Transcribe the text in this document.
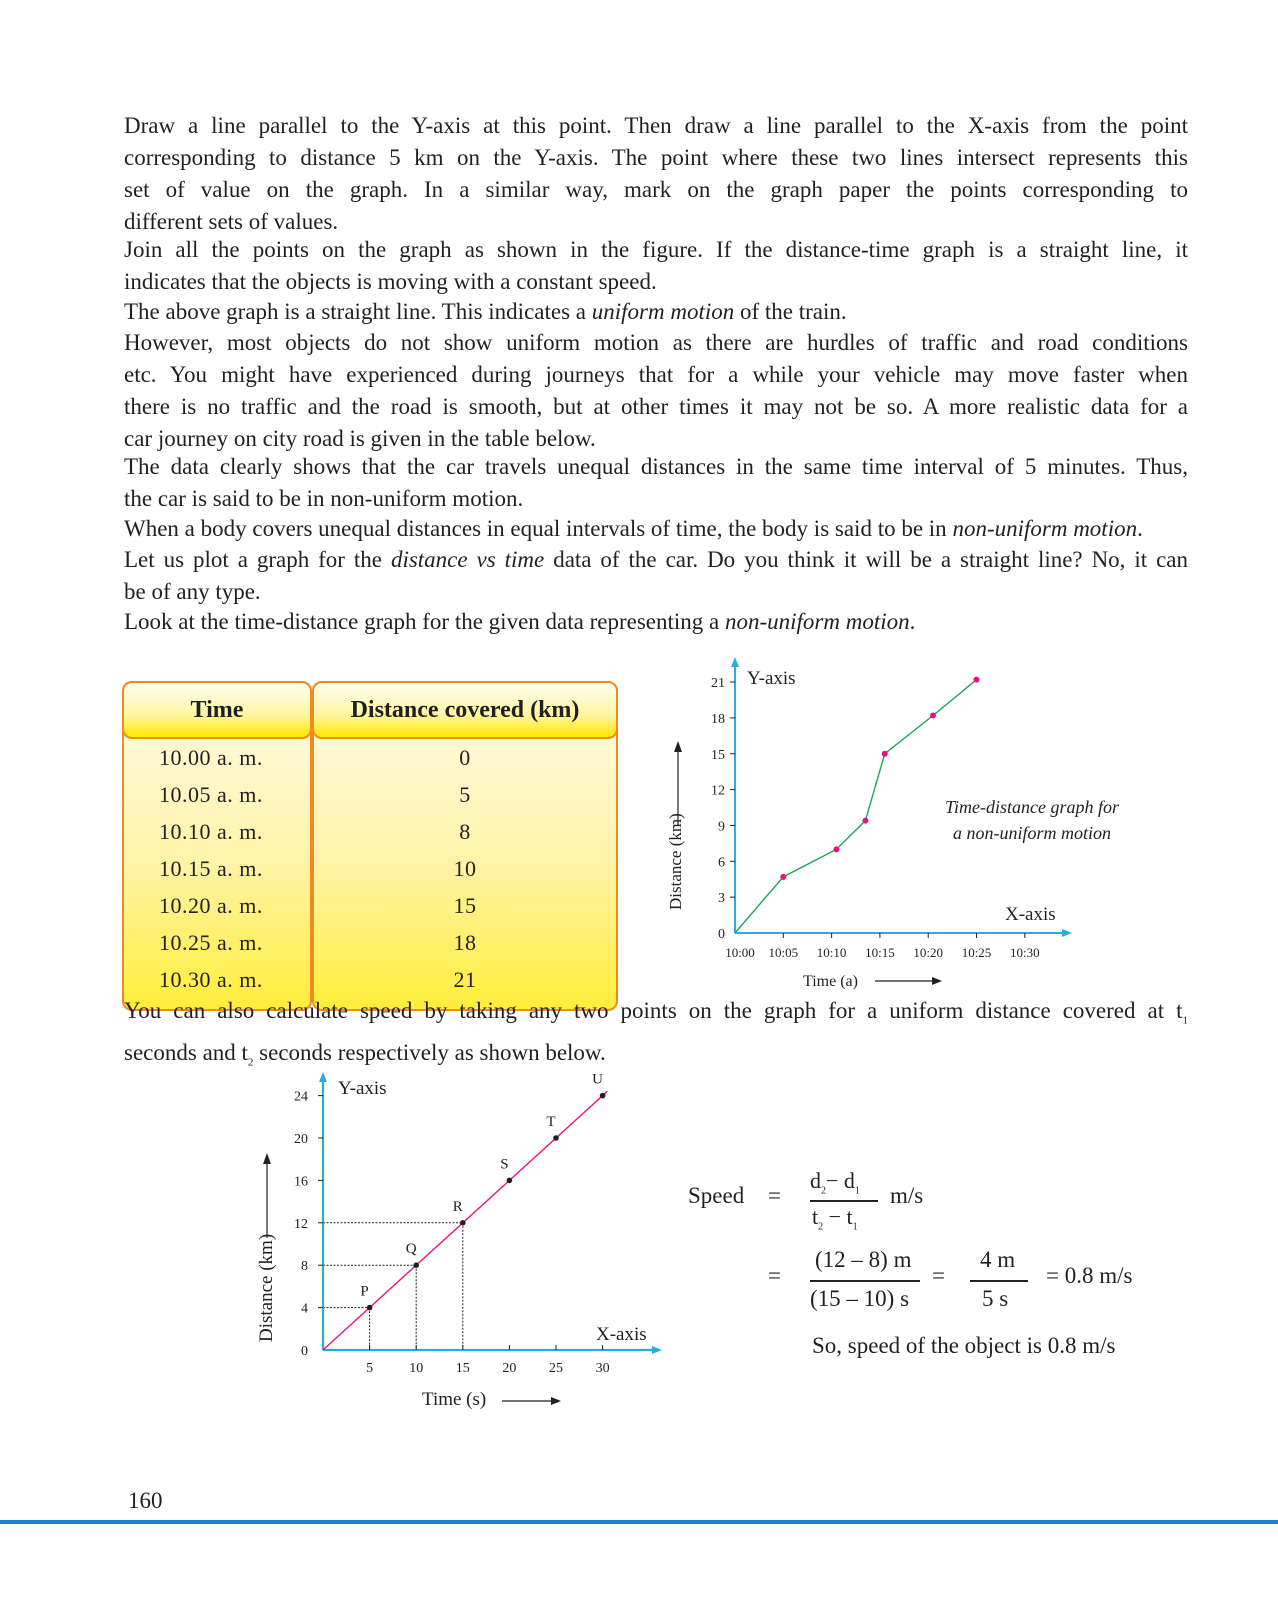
Draw a line parallel to the Y-axis at this point. Then draw a line parallel to the X-axis from the point
corresponding to distance 5 km on the Y-axis. The point where these two lines intersect represents this
set of value on the graph. In a similar way, mark on the graph paper the points corresponding to
different sets of values.
Join all the points on the graph as shown in the figure. If the distance-time graph is a straight line, it
indicates that the objects is moving with a constant speed.
The above graph is a straight line. This indicates a uniform motion of the train.
However, most objects do not show uniform motion as there are hurdles of traffic and road conditions
etc. You might have experienced during journeys that for a while your vehicle may move faster when
there is no traffic and the road is smooth, but at other times it may not be so. A more realistic data for a
car journey on city road is given in the table below.
The data clearly shows that the car travels unequal distances in the same time interval of 5 minutes. Thus,
the car is said to be in non-uniform motion.
When a body covers unequal distances in equal intervals of time, the body is said to be in non-uniform motion.
Let us plot a graph for the distance vs time data of the car. Do you think it will be a straight line? No, it can
be of any type.
Look at the time-distance graph for the given data representing a non-uniform motion.
Time
10.00 a. m.
10.05 a. m.
10.10 a. m.
10.15 a. m.
10.20 a. m.
10.25 a. m.
10.30 a. m.
Distance covered (km)
0
5
8
10
15
18
21
0
3
6
9
12
15
18
21
10:00 10:05 10:10 10:15 10:20 10:25 10:30
Y-axis
X-axis
Time-distance graph for
a non-uniform motion
Distance (km)
Time (a)
You can also calculate speed by taking any two points on the graph for a uniform distance covered at $t_1$
seconds and $t_2$ seconds respectively as shown below.
0
4
8
12
16
20
24
5	10 15 20 25 30
P
Q
R
S
T
U
Y-axis
X-axis
Distance (km)
Time (s)
Speed =
$d_2- d_1$
$t_2 - t_1$
m/s
=
(12 – 8) m
(15 – 10) s
=
4 m
5 s
= 0.8 m/s
So, speed of the object is 0.8 m/s
160
